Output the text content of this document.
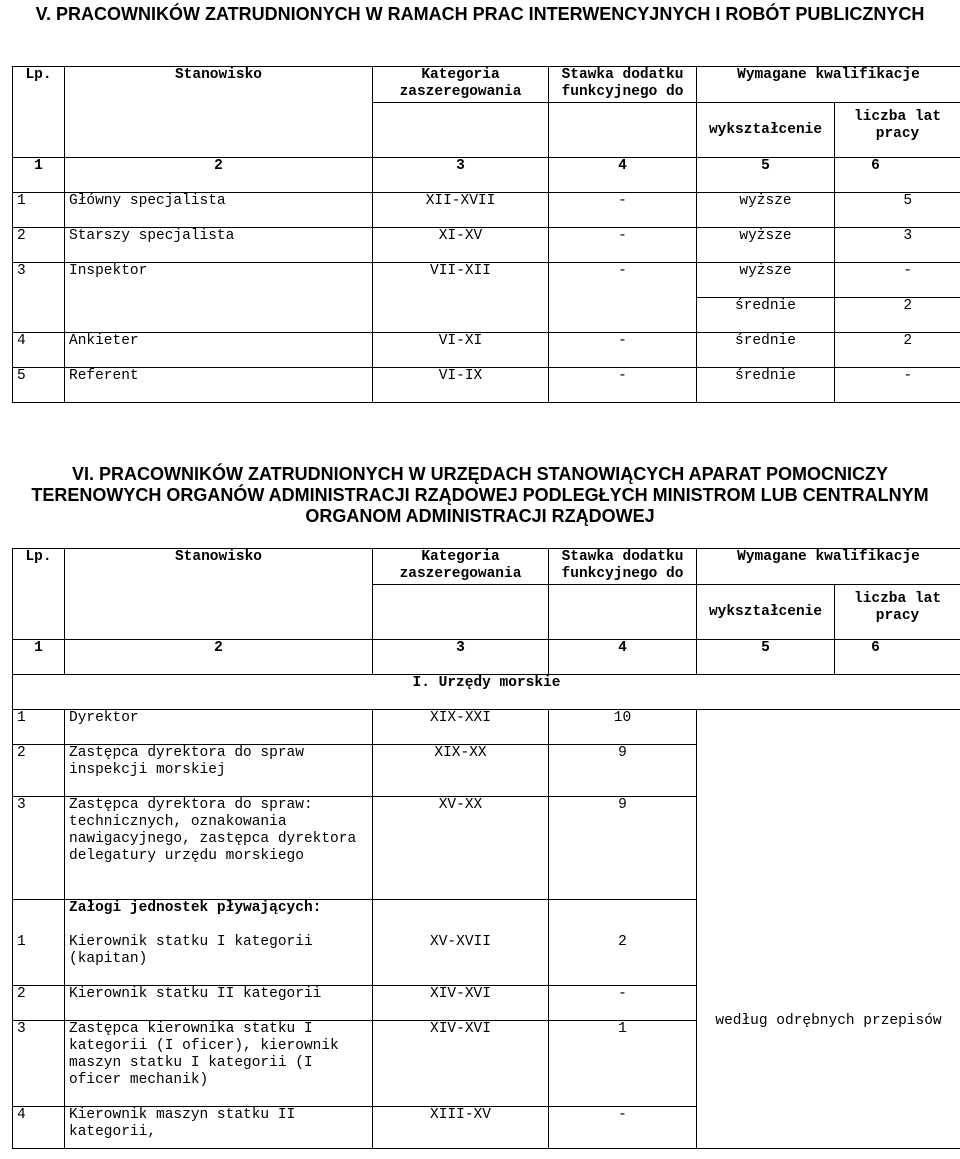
V. PRACOWNIKÓW ZATRUDNIONYCH W RAMACH PRAC INTERWENCYJNYCH I ROBÓT PUBLICZNYCH
Lp.	Stanowisko	Kategoria zaszeregowania	Stawka dodatku funkcyjnego do	Wymagane kwalifikacje	
				wykształcenie	liczba lat pracy
1	2	3	4	5	6
1	Główny specjalista	XII-XVII	-	wyższe	5
2	Starszy specjalista	XI-XV	-	wyższe	3
3	Inspektor	VII-XII	-	wyższe	-
				średnie	2
4	Ankieter	VI-XI	-	średnie	2
5	Referent	VI-IX	-	średnie	-
VI. PRACOWNIKÓW ZATRUDNIONYCH W URZĘDACH STANOWIĄCYCH APARAT POMOCNICZY TERENOWYCH ORGANÓW ADMINISTRACJI RZĄDOWEJ PODLEGŁYCH MINISTROM LUB CENTRALNYM ORGANOM ADMINISTRACJI RZĄDOWEJ
Lp.	Stanowisko	Kategoria zaszeregowania	Stawka dodatku funkcyjnego do	Wymagane kwalifikacje	
				wykształcenie	liczba lat pracy
1	2	3	4	5	6
I. Urzędy morskie					
1	Dyrektor	XIX-XXI	10	według odrębnych przepisów	
2	Zastępca dyrektora do spraw inspekcji morskiej	XIX-XX	9		
3	Zastępca dyrektora do spraw: technicznych, oznakowania nawigacyjnego, zastępca dyrektora delegatury urzędu morskiego	XV-XX	9		
	Załogi jednostek pływających:				
1	Kierownik statku I kategorii (kapitan)	XV-XVII	2		
2	Kierownik statku II kategorii	XIV-XVI	-		
3	Zastępca kierownika statku I kategorii (I oficer), kierownik maszyn statku I kategorii (I oficer mechanik)	XIV-XVI	1		
4	Kierownik maszyn statku II kategorii,	XIII-XV	-		
